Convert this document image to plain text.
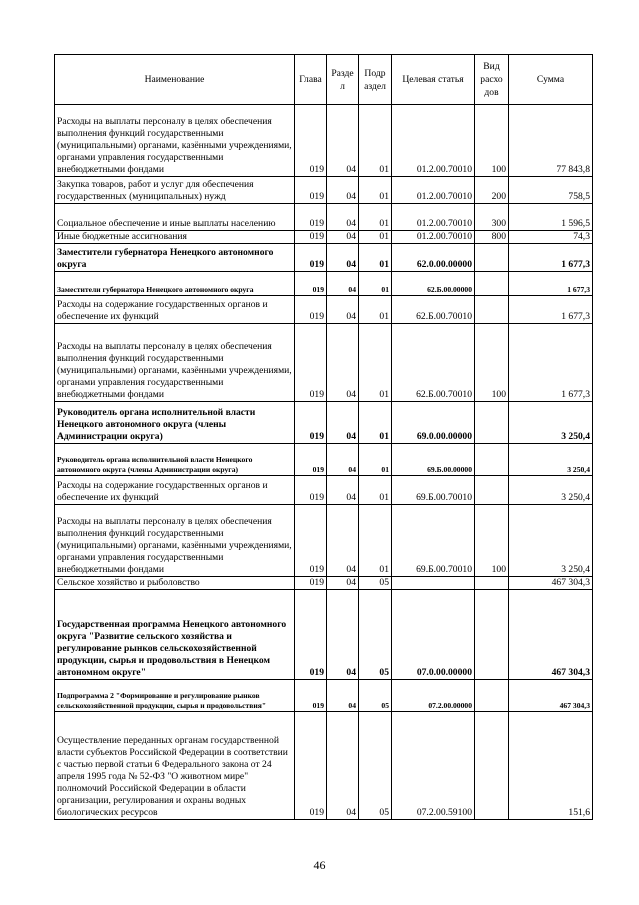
Наименование	Глава	Разде л	Подр аздел	Целевая статья	Вид расхо дов	Сумма
Расходы на выплаты персоналу в целях обеспечения выполнения функций государственными (муниципальными) органами, казёнными учреждениями, органами управления государственными внебюджетными фондами	019	04	01	01.2.00.70010	100	77 843,8
Закупка товаров, работ и услуг для обеспечения государственных (муниципальных) нужд	019	04	01	01.2.00.70010	200	758,5
Социальное обеспечение и иные выплаты населению	019	04	01	01.2.00.70010	300	1 596,5
Иные бюджетные ассигнования	019	04	01	01.2.00.70010	800	74,3
Заместители губернатора Ненецкого автономного округа	019	04	01	62.0.00.00000		1 677,3
Заместители губернатора Ненецкого автономного округа	019	04	01	62.Б.00.00000		1 677,3
Расходы на содержание государственных органов и обеспечение их функций	019	04	01	62.Б.00.70010		1 677,3
Расходы на выплаты персоналу в целях обеспечения выполнения функций государственными (муниципальными) органами, казёнными учреждениями, органами управления государственными внебюджетными фондами	019	04	01	62.Б.00.70010	100	1 677,3
Руководитель органа исполнительной власти Ненецкого автономного округа (члены Администрации округа)	019	04	01	69.0.00.00000		3 250,4
Руководитель органа исполнительной власти Ненецкого автономного округа (члены Администрации округа)	019	04	01	69.Б.00.00000		3 250,4
Расходы на содержание государственных органов и обеспечение их функций	019	04	01	69.Б.00.70010		3 250,4
Расходы на выплаты персоналу в целях обеспечения выполнения функций государственными (муниципальными) органами, казёнными учреждениями, органами управления государственными внебюджетными фондами	019	04	01	69.Б.00.70010	100	3 250,4
Сельское хозяйство и рыболовство	019	04	05			467 304,3
Государственная программа Ненецкого автономного округа "Развитие сельского хозяйства и регулирование рынков сельскохозяйственной продукции, сырья и продовольствия в Ненецком автономном округе"	019	04	05	07.0.00.00000		467 304,3
Подпрограмма 2 "Формирование и регулирование рынков сельскохозяйственной продукции, сырья и продовольствия"	019	04	05	07.2.00.00000		467 304,3
Осуществление переданных органам государственной власти субъектов Российской Федерации в соответствии с частью первой статьи 6 Федерального закона от 24 апреля 1995 года № 52-ФЗ "О животном мире" полномочий Российской Федерации в области организации, регулирования и охраны водных биологических ресурсов	019	04	05	07.2.00.59100		151,6
46
